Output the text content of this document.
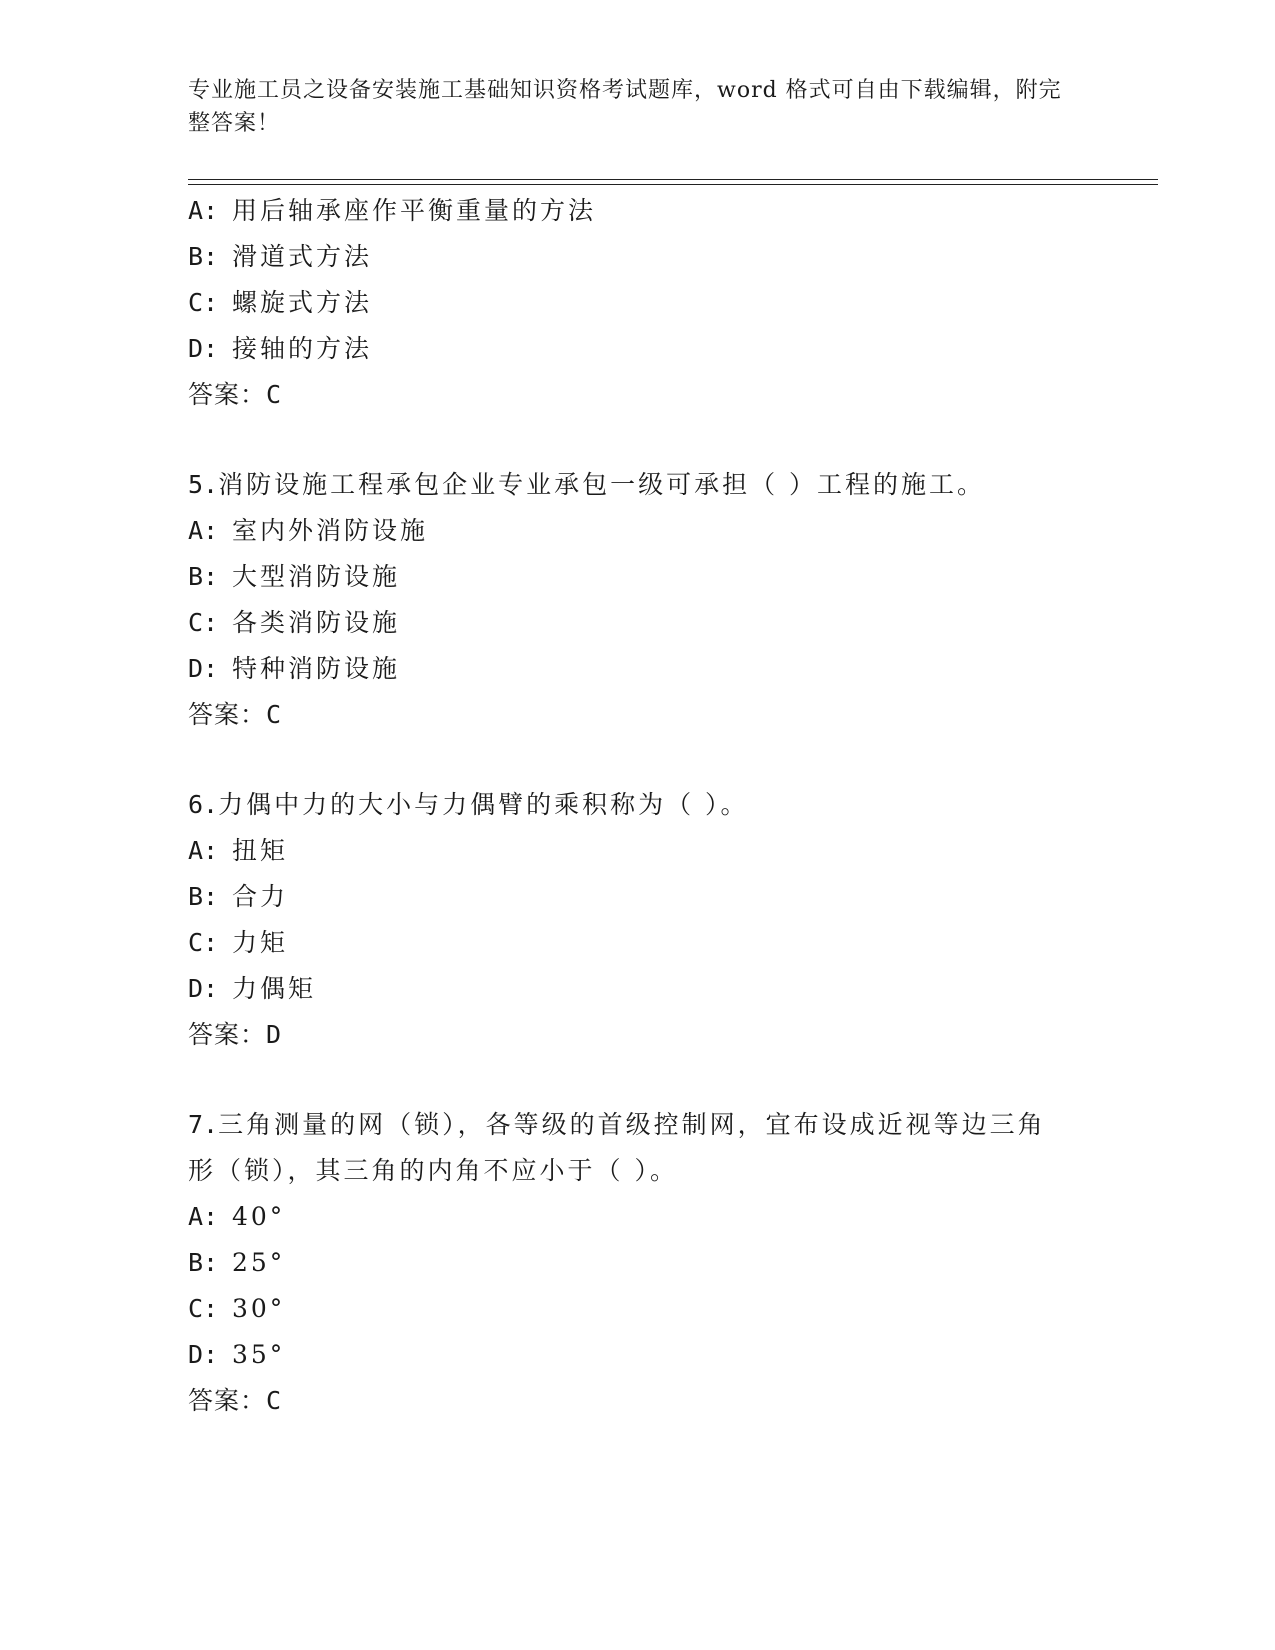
专业施工员之设备安装施工基础知识资格考试题库，word 格式可自由下载编辑，附完整答案！
A: 用后轴承座作平衡重量的方法
B: 滑道式方法
C: 螺旋式方法
D: 接轴的方法
答案：C
5.消防设施工程承包企业专业承包一级可承担（ ）工程的施工。
A: 室内外消防设施
B: 大型消防设施
C: 各类消防设施
D: 特种消防设施
答案：C
6.力偶中力的大小与力偶臂的乘积称为（ ）。
A: 扭矩
B: 合力
C: 力矩
D: 力偶矩
答案：D
7.三角测量的网（锁），各等级的首级控制网，宜布设成近视等边三角形（锁），其三角的内角不应小于（ ）。
A: 40°
B: 25°
C: 30°
D: 35°
答案：C
